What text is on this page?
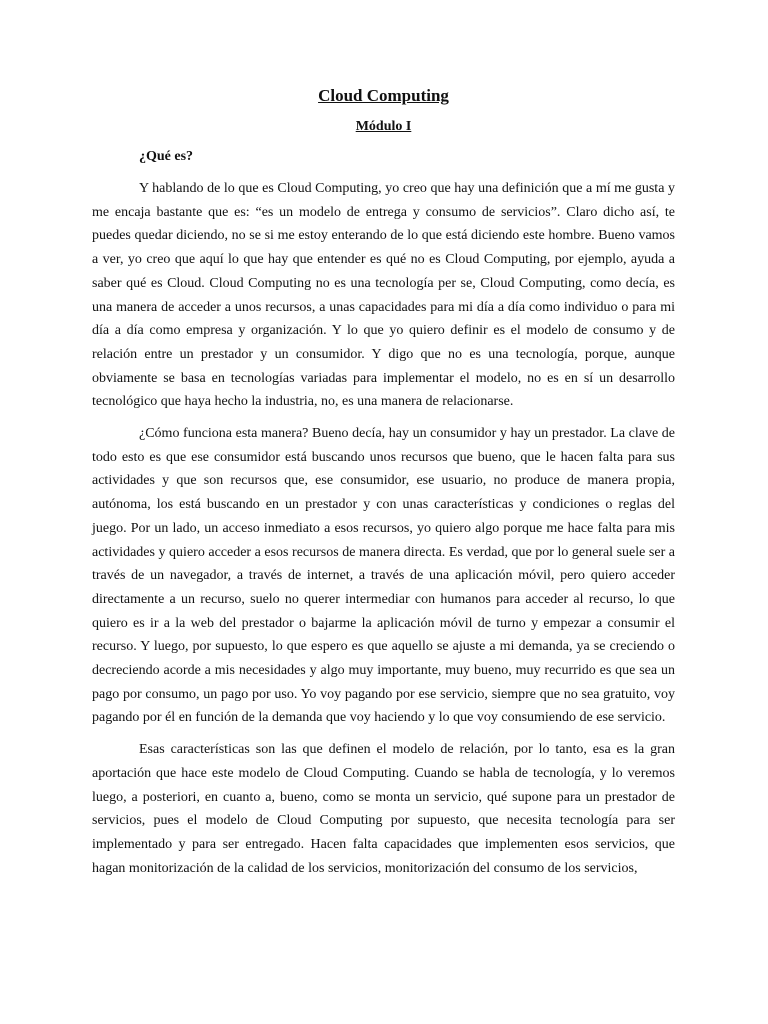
Cloud Computing
Módulo I
¿Qué es?

Y hablando de lo que es Cloud Computing, yo creo que hay una definición que a mí me gusta y me encaja bastante que es: “es un modelo de entrega y consumo de servicios”. Claro dicho así, te puedes quedar diciendo, no se si me estoy enterando de lo que está diciendo este hombre. Bueno vamos a ver, yo creo que aquí lo que hay que entender es qué no es Cloud Computing, por ejemplo, ayuda a saber qué es Cloud. Cloud Computing no es una tecnología per se, Cloud Computing, como decía, es una manera de acceder a unos recursos, a unas capacidades para mi día a día como individuo o para mi día a día como empresa y organización. Y lo que yo quiero definir es el modelo de consumo y de relación entre un prestador y un consumidor. Y digo que no es una tecnología, porque, aunque obviamente se basa en tecnologías variadas para implementar el modelo, no es en sí un desarrollo tecnológico que haya hecho la industria, no, es una manera de relacionarse.

¿Cómo funciona esta manera? Bueno decía, hay un consumidor y hay un prestador. La clave de todo esto es que ese consumidor está buscando unos recursos que bueno, que le hacen falta para sus actividades y que son recursos que, ese consumidor, ese usuario, no produce de manera propia, autónoma, los está buscando en un prestador y con unas características y condiciones o reglas del juego. Por un lado, un acceso inmediato a esos recursos, yo quiero algo porque me hace falta para mis actividades y quiero acceder a esos recursos de manera directa. Es verdad, que por lo general suele ser a través de un navegador, a través de internet, a través de una aplicación móvil, pero quiero acceder directamente a un recurso, suelo no querer intermediar con humanos para acceder al recurso, lo que quiero es ir a la web del prestador o bajarme la aplicación móvil de turno y empezar a consumir el recurso. Y luego, por supuesto, lo que espero es que aquello se ajuste a mi demanda, ya se creciendo o decreciendo acorde a mis necesidades y algo muy importante, muy bueno, muy recurrido es que sea un pago por consumo, un pago por uso. Yo voy pagando por ese servicio, siempre que no sea gratuito, voy pagando por él en función de la demanda que voy haciendo y lo que voy consumiendo de ese servicio.

Esas características son las que definen el modelo de relación, por lo tanto, esa es la gran aportación que hace este modelo de Cloud Computing. Cuando se habla de tecnología, y lo veremos luego, a posteriori, en cuanto a, bueno, como se monta un servicio, qué supone para un prestador de servicios, pues el modelo de Cloud Computing por supuesto, que necesita tecnología para ser implementado y para ser entregado. Hacen falta capacidades que implementen esos servicios, que hagan monitorización de la calidad de los servicios, monitorización del consumo de los servicios,
